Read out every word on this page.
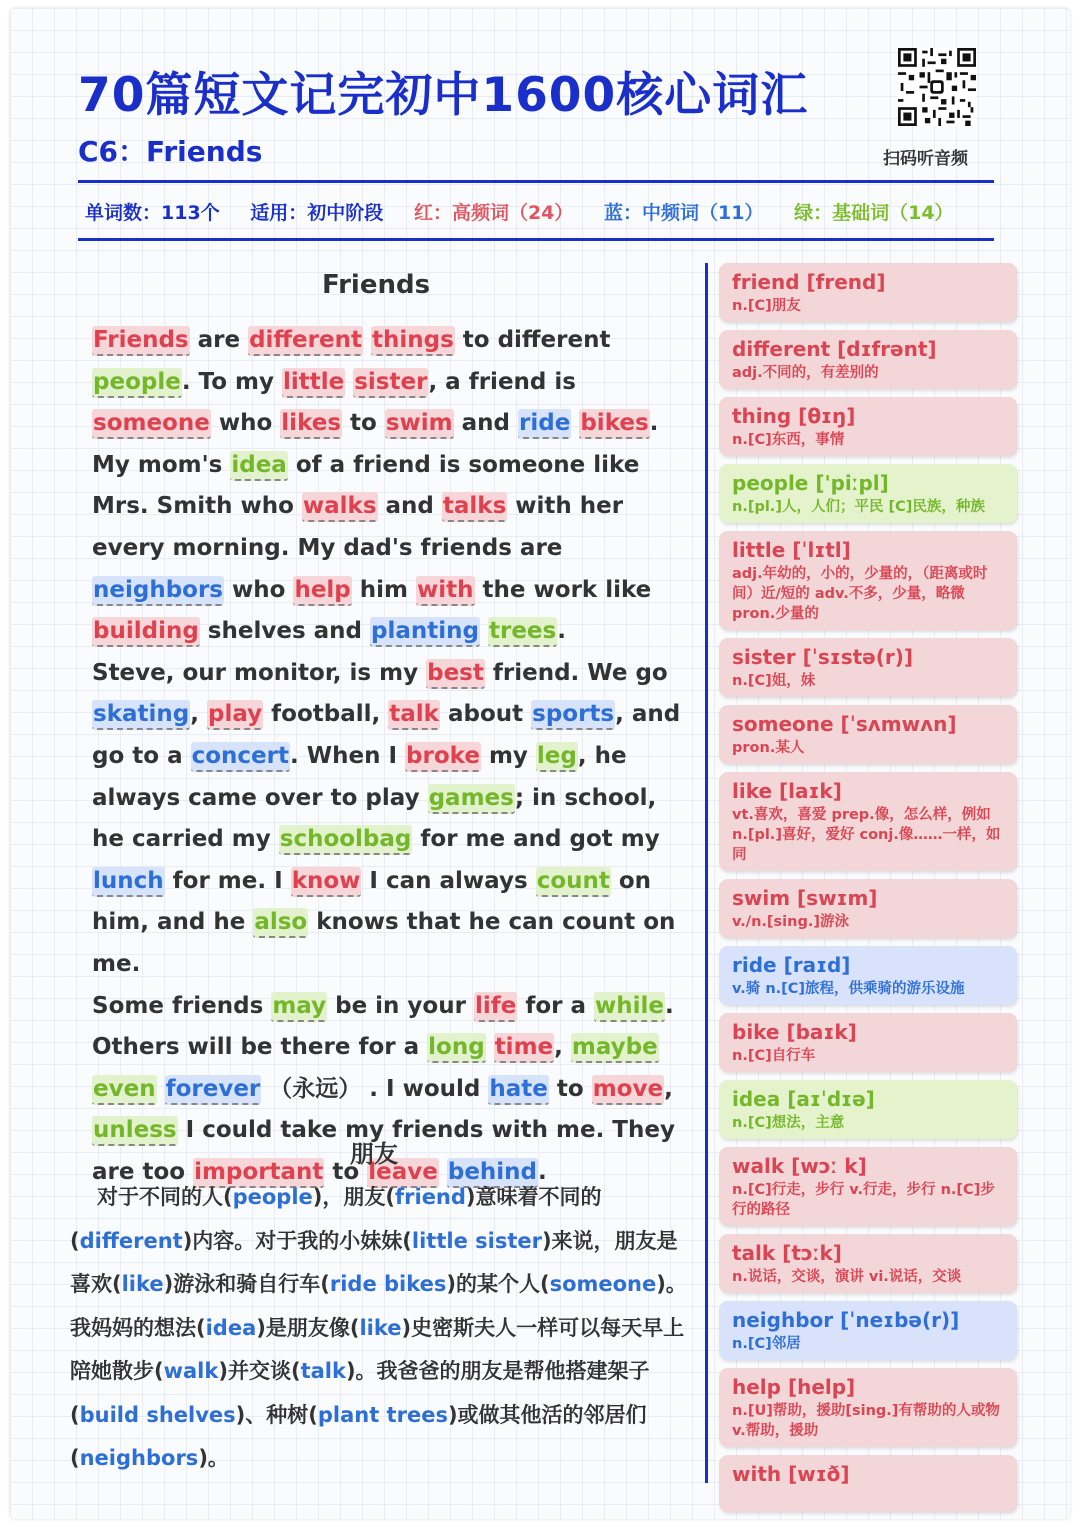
70篇短文记完初中1600核心词汇
C6：Friends	扫码听音频
单词数：113个 适用：初中阶段 红：高频词（24） 蓝：中频词（11） 绿：基础词（14）
Friends

Friends are different things to different people. To my little sister, a friend is someone who likes to swim and ride bikes. My mom's idea of a friend is someone like Mrs. Smith who walks and talks with her every morning. My dad's friends are neighbors who help him with the work like building shelves and planting trees.

Steve, our monitor, is my best friend. We go skating, play football, talk about sports, and go to a concert. When I broke my leg, he always came over to play games; in school, he carried my schoolbag for me and got my lunch for me. I know I can always count on him, and he also knows that he can count on me.

Some friends may be in your life for a while. Others will be there for a long time, maybe even forever （永远） . I would hate to move, unless I could take my friends with me. They are too important to leave behind.

朋友

对于不同的人(people)，朋友(friend)意味着不同的(different)内容。对于我的小妹妹(little sister)来说，朋友是喜欢(like)游泳和骑自行车(ride bikes)的某个人(someone)。我妈妈的想法(idea)是朋友像(like)史密斯夫人一样可以每天早上陪她散步(walk)并交谈(talk)。我爸爸的朋友是帮他搭建架子(build shelves)、种树(plant trees)或做其他活的邻居们(neighbors)。

friend [frend]
n.[C]朋友
different [dɪfrənt]
adj.不同的，有差别的
thing [θɪŋ]
n.[C]东西，事情
people ['piːpl]
n.[pl.]人，人们；平民 [C]民族，种族
little [ˈlɪtl]
adj.年幼的，小的，少量的，（距离或时间）近/短的 adv.不多，少量，略微 pron.少量的
sister [ˈsɪstə(r)]
n.[C]姐，妹
someone [ˈsʌmwʌn]
pron.某人
like [laɪk]
vt.喜欢，喜爱 prep.像，怎么样，例如 n.[pl.]喜好，爱好 conj.像……一样，如同
swim [swɪm]
v./n.[sing.]游泳
ride [raɪd]
v.骑 n.[C]旅程，供乘骑的游乐设施
bike [baɪk]
n.[C]自行车
idea [aɪˈdɪə]
n.[C]想法，主意
walk [wɔː k]
n.[C]行走，步行 v.行走，步行 n.[C]步行的路径
talk [tɔːk]
n.说话，交谈，演讲 vi.说话，交谈
neighbor [ˈneɪbə(r)]
n.[C]邻居
help [help]
n.[U]帮助，援助[sing.]有帮助的人或物 v.帮助，援助
with [wɪð]
